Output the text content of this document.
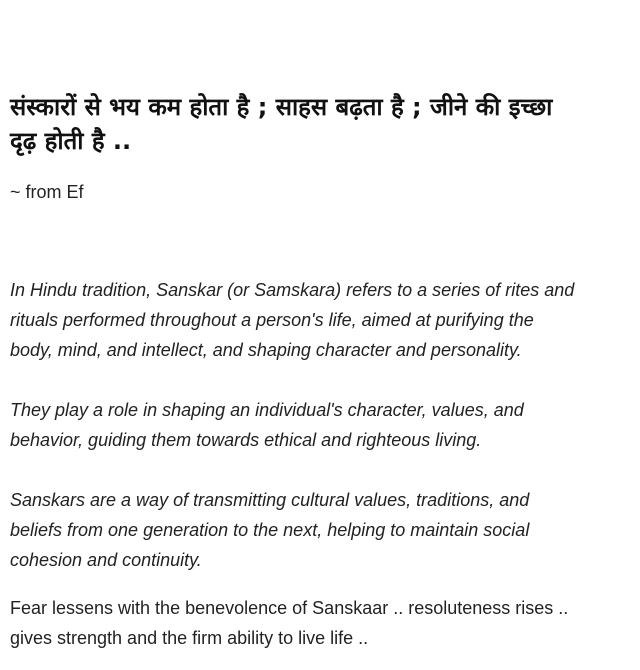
संस्कारों से भय कम होता है ; साहस बढ़ता है ; जीने की इच्छा
दृढ़ होती है ..
~ from Ef
In Hindu tradition, Sanskar (or Samskara) refers to a series of rites and
rituals performed throughout a person's life, aimed at purifying the
body, mind, and intellect, and shaping character and personality.
They play a role in shaping an individual's character, values, and
behavior, guiding them towards ethical and righteous living.
Sanskars are a way of transmitting cultural values, traditions, and
beliefs from one generation to the next, helping to maintain social
cohesion and continuity.
Fear lessens with the benevolence of Sanskaar .. resoluteness rises ..
gives strength and the firm ability to live life ..
